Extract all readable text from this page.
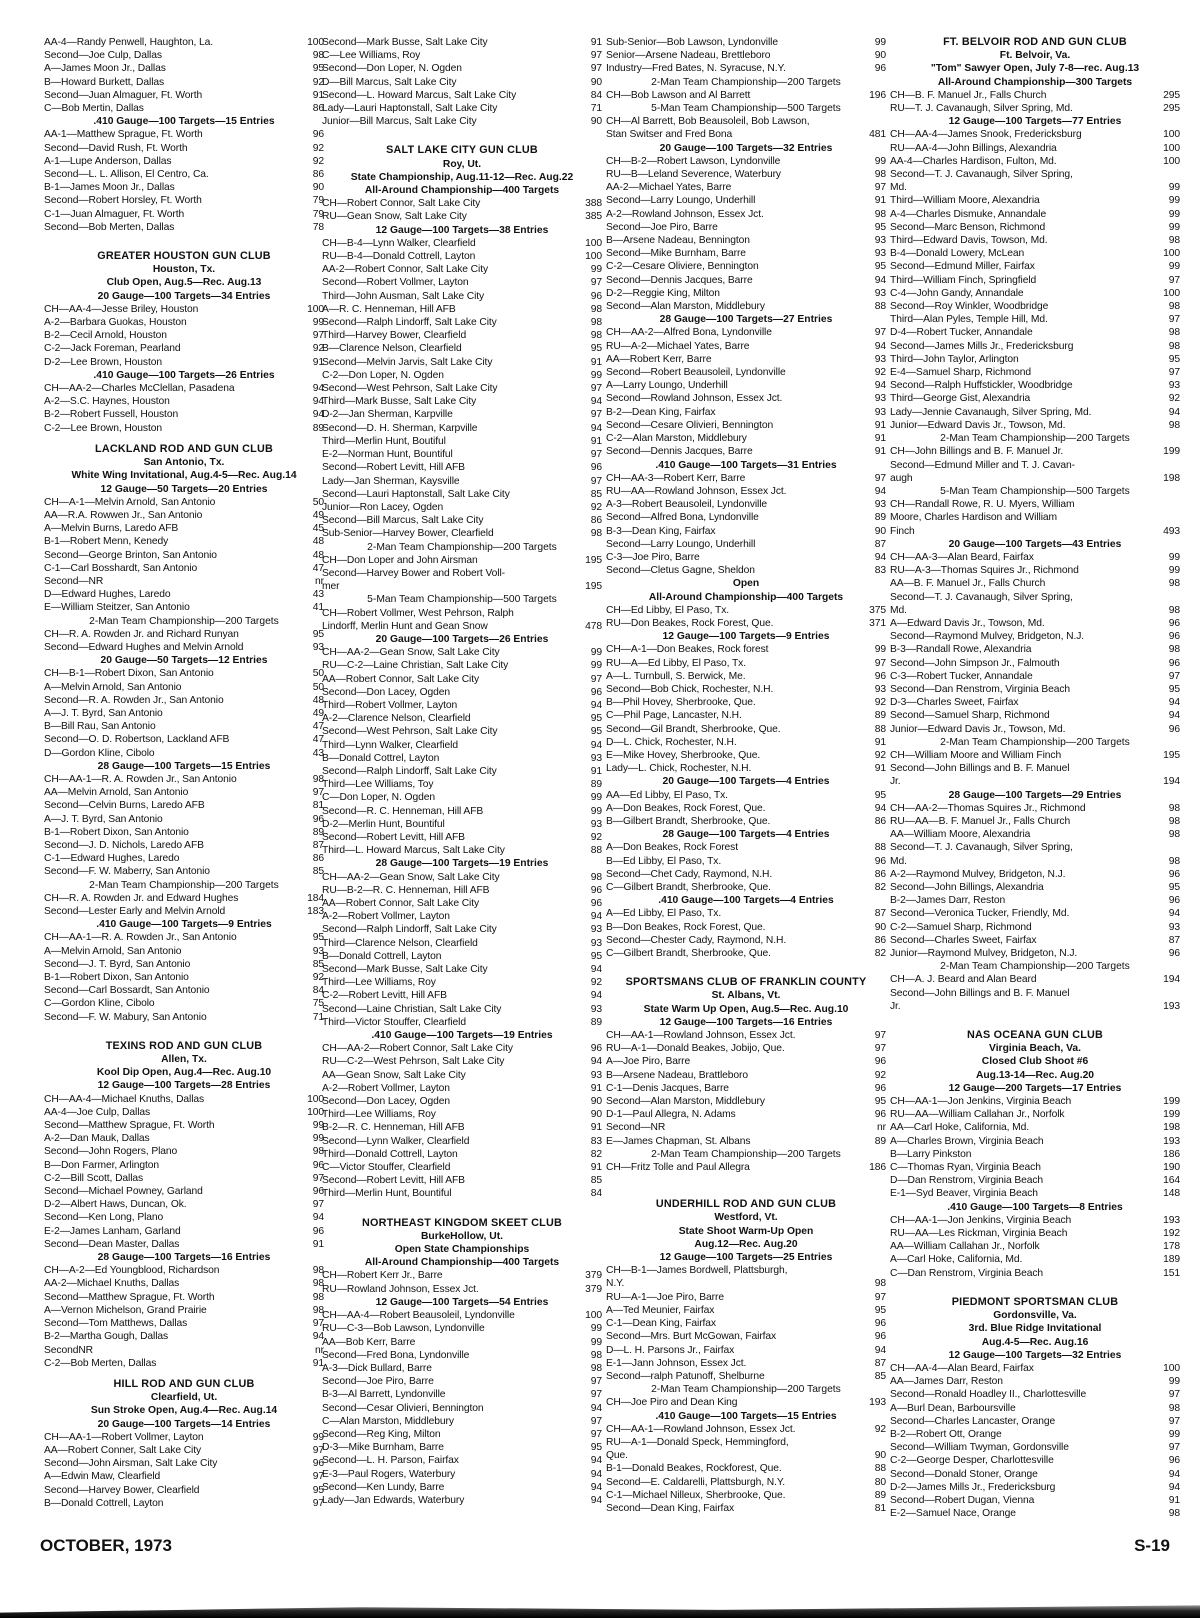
AA-4—Randy Penwell, Haughton, La.	100
Second—Joe Culp, Dallas	98
A—James Moon Jr., Dallas	95
B—Howard Burkett, Dallas	92
Second—Juan Almaguer, Ft. Worth	91
C—Bob Mertin, Dallas	86
.410 Gauge—100 Targets—15 Entries
AA-1—Matthew Sprague, Ft. Worth	96
Second—David Rush, Ft. Worth	92
A-1—Lupe Anderson, Dallas	92
Second—L. L. Allison, El Centro, Ca.	86
B-1—James Moon Jr., Dallas	90
Second—Robert Horsley, Ft. Worth	79
C-1—Juan Almaguer, Ft. Worth	79
Second—Bob Merten, Dallas	78
GREATER HOUSTON GUN CLUB
Houston, Tx.
Club Open, Aug.5—Rec. Aug.13
20 Gauge—100 Targets—34 Entries
CH—AA-4—Jesse Briley, Houston	100
A-2—Barbara Guokas, Houston	99
B-2—Cecil Arnold, Houston	97
C-2—Jack Foreman, Pearland	92
D-2—Lee Brown, Houston	91
.410 Gauge—100 Targets—26 Entries
CH—AA-2—Charles McClellan, Pasadena	94
A-2—S.C. Haynes, Houston	94
B-2—Robert Fussell, Houston	94
C-2—Lee Brown, Houston	89
LACKLAND ROD AND GUN CLUB
San Antonio, Tx.
White Wing Invitational, Aug.4-5—Rec. Aug.14
12 Gauge—50 Targets—20 Entries
CH—A-1—Melvin Arnold, San Antonio	50
AA—R.A. Rowwen Jr., San Antonio	49
A—Melvin Burns, Laredo AFB	45
B-1—Robert Menn, Kenedy	48
Second—George Brinton, San Antonio	48
C-1—Carl Bosshardt, San Antonio	47
Second—NR	nr
D—Edward Hughes, Laredo	43
E—William Steitzer, San Antonio	41
2-Man Team Championship—200 Targets
CH—R. A. Rowden Jr. and Richard Runyan	95
Second—Edward Hughes and Melvin Arnold	93
20 Gauge—50 Targets—12 Entries
CH—B-1—Robert Dixon, San Antonio	50
A—Melvin Arnold, San Antonio	50
Second—R. A. Rowden Jr., San Antonio	48
A—J. T. Byrd, San Antonio	49
B—Bill Rau, San Antonio	47
Second—O. D. Robertson, Lackland AFB	47
D—Gordon Kline, Cibolo	43
28 Gauge—100 Targets—15 Entries
CH—AA-1—R. A. Rowden Jr., San Antonio	98
AA—Melvin Arnold, San Antonio	97
Second—Celvin Burns, Laredo AFB	81
A—J. T. Byrd, San Antonio	96
B-1—Robert Dixon, San Antonio	89
Second—J. D. Nichols, Laredo AFB	87
C-1—Edward Hughes, Laredo	86
Second—F. W. Maberry, San Antonio	85
2-Man Team Championship—200 Targets
CH—R. A. Rowden Jr. and Edward Hughes	184
Second—Lester Early and Melvin Arnold	183
.410 Gauge—100 Targets—9 Entries
CH—AA-1—R. A. Rowden Jr., San Antonio	95
A—Melvin Arnold, San Antonio	93
Second—J. T. Byrd, San Antonio	85
B-1—Robert Dixon, San Antonio	92
Second—Carl Bossardt, San Antonio	84
C—Gordon Kline, Cibolo	75
Second—F. W. Mabury, San Antonio	71
TEXINS ROD AND GUN CLUB
Allen, Tx.
Kool Dip Open, Aug.4—Rec. Aug.10
12 Gauge—100 Targets—28 Entries
CH—AA-4—Michael Knuths, Dallas	100
AA-4—Joe Culp, Dallas	100
Second—Matthew Sprague, Ft. Worth	99
A-2—Dan Mauk, Dallas	99
Second—John Rogers, Plano	98
B—Don Farmer, Arlington	96
C-2—Bill Scott, Dallas	97
Second—Michael Powney, Garland	96
D-2—Albert Haws, Duncan, Ok.	97
Second—Ken Long, Plano	94
E-2—James Lanham, Garland	96
Second—Dean Master, Dallas	91
28 Gauge—100 Targets—16 Entries
CH—A-2—Ed Youngblood, Richardson	98
AA-2—Michael Knuths, Dallas	98
Second—Matthew Sprague, Ft. Worth	98
A—Vernon Michelson, Grand Prairie	98
Second—Tom Matthews, Dallas	97
B-2—Martha Gough, Dallas	94
SecondNR	nr
C-2—Bob Merten, Dallas	91
HILL ROD AND GUN CLUB
Clearfield, Ut.
Sun Stroke Open, Aug.4—Rec. Aug.14
20 Gauge—100 Targets—14 Entries
CH—AA-1—Robert Vollmer, Layton	99
AA—Robert Conner, Salt Lake City	97
Second—John Airsman, Salt Lake City	96
A—Edwin Maw, Clearfield	97
Second—Harvey Bower, Clearfield	95
B—Donald Cottrell, Layton	97
Second—Mark Busse, Salt Lake City	91
C—Lee Williams, Roy	97
Second—Don Loper, N. Ogden	97
D—Bill Marcus, Salt Lake City	90
Second—L. Howard Marcus, Salt Lake City	84
Lady—Lauri Haptonstall, Salt Lake City	71
Junior—Bill Marcus, Salt Lake City	90
SALT LAKE CITY GUN CLUB
Roy, Ut.
State Championship, Aug.11-12—Rec. Aug.22
All-Around Championship—400 Targets
CH—Robert Connor, Salt Lake City	388
RU—Gean Snow, Salt Lake City	385
12 Gauge—100 Targets—38 Entries
CH—B-4—Lynn Walker, Clearfield	100
RU—B-4—Donald Cottrell, Layton	100
AA-2—Robert Connor, Salt Lake City	99
Second—Robert Vollmer, Layton	97
Third—John Ausman, Salt Lake City	96
A—R. C. Henneman, Hill AFB	98
Second—Ralph Lindorff, Salt Lake City	98
Third—Harvey Bower, Clearfield	98
B—Clarence Nelson, Clearfield	95
Second—Melvin Jarvis, Salt Lake City	91
C-2—Don Loper, N. Ogden	99
Second—West Pehrson, Salt Lake City	97
Third—Mark Busse, Salt Lake City	94
D-2—Jan Sherman, Karpville	97
Second—D. H. Sherman, Karpville	94
Third—Merlin Hunt, Boutiful	91
E-2—Norman Hunt, Bountiful	97
Second—Robert Levitt, Hill AFB	96
Lady—Jan Sherman, Kaysville	97
Second—Lauri Haptonstall, Salt Lake City	85
Junior—Ron Lacey, Ogden	92
Second—Bill Marcus, Salt Lake City	86
Sub-Senior—Harvey Bower, Clearfield	98
2-Man Team Championship—200 Targets
CH—Don Loper and John Airsman	195
Second—Harvey Bower and Robert Voll-
mer	195
5-Man Team Championship—500 Targets
CH—Robert Vollmer, West Pehrson, Ralph
Lindorff, Merlin Hunt and Gean Snow	478
20 Gauge—100 Targets—26 Entries
CH—AA-2—Gean Snow, Salt Lake City	99
RU—C-2—Laine Christian, Salt Lake City	99
AA—Robert Connor, Salt Lake City	97
Second—Don Lacey, Ogden	96
Third—Robert Vollmer, Layton	94
A-2—Clarence Nelson, Clearfield	95
Second—West Pehrson, Salt Lake City	95
Third—Lynn Walker, Clearfield	94
B—Donald Cottrel, Layton	93
Second—Ralph Lindorff, Salt Lake City	91
Third—Lee Williams, Toy	89
C—Don Loper, N. Ogden	99
Second—R. C. Henneman, Hill AFB	99
D-2—Merlin Hunt, Bountiful	93
Second—Robert Levitt, Hill AFB	92
Third—L. Howard Marcus, Salt Lake City	88
28 Gauge—100 Targets—19 Entries
CH—AA-2—Gean Snow, Salt Lake City	98
RU—B-2—R. C. Henneman, Hill AFB	96
AA—Robert Connor, Salt Lake City	96
A-2—Robert Vollmer, Layton	94
Second—Ralph Lindorff, Salt Lake City	93
Third—Clarence Nelson, Clearfield	93
B—Donald Cottrell, Layton	95
Second—Mark Busse, Salt Lake City	94
Third—Lee Williams, Roy	92
C-2—Robert Levitt, Hill AFB	94
Second—Laine Christian, Salt Lake City	93
Third—Victor Stouffer, Clearfield	89
.410 Gauge—100 Targets—19 Entries
CH—AA-2—Robert Connor, Salt Lake City	96
RU—C-2—West Pehrson, Salt Lake City	94
AA—Gean Snow, Salt Lake City	93
A-2—Robert Vollmer, Layton	91
Second—Don Lacey, Ogden	90
Third—Lee Williams, Roy	90
B-2—R. C. Henneman, Hill AFB	91
Second—Lynn Walker, Clearfield	83
Third—Donald Cottrell, Layton	82
C—Victor Stouffer, Clearfield	91
Second—Robert Levitt, Hill AFB	85
Third—Merlin Hunt, Bountiful	84
NORTHEAST KINGDOM SKEET CLUB
BurkeHollow, Ut.
Open State Championships
All-Around Championship—400 Targets
CH—Robert Kerr Jr., Barre	379
RU—Rowland Johnson, Essex Jct.	379
12 Gauge—100 Targets—54 Entries
CH—AA-4—Robert Beausoleil, Lyndonville	100
RU—C-3—Bob Lawson, Lyndonville	99
AA—Bob Kerr, Barre	99
Second—Fred Bona, Lyndonville	98
A-3—Dick Bullard, Barre	98
Second—Joe Piro, Barre	97
B-3—Al Barrett, Lyndonville	97
Second—Cesar Olivieri, Bennington	94
C—Alan Marston, Middlebury	97
Second—Reg King, Milton	97
D-3—Mike Burnham, Barre	95
Second—L. H. Parson, Fairfax	94
E-3—Paul Rogers, Waterbury	94
Second—Ken Lundy, Barre	94
Lady—Jan Edwards, Waterbury	94
Sub-Senior—Bob Lawson, Lyndonville	99
Senior—Arsene Nadeau, Brettleboro	90
Industry—Fred Bates, N. Syracuse, N.Y.	96
2-Man Team Championship—200 Targets
CH—Bob Lawson and Al Barrett	196
5-Man Team Championship—500 Targets
CH—Al Barrett, Bob Beausoleil, Bob Lawson,
Stan Switser and Fred Bona	481
20 Gauge—100 Targets—32 Entries
CH—B-2—Robert Lawson, Lyndonville	99
RU—B—Leland Severence, Waterbury	98
AA-2—Michael Yates, Barre	97
Second—Larry Loungo, Underhill	91
A-2—Rowland Johnson, Essex Jct.	98
Second—Joe Piro, Barre	95
B—Arsene Nadeau, Bennington	93
Second—Mike Burnham, Barre	93
C-2—Cesare Oliviere, Bennington	95
Second—Dennis Jacques, Barre	94
D-2—Reggie King, Milton	93
Second—Alan Marston, Middlebury	88
28 Gauge—100 Targets—27 Entries
CH—AA-2—Alfred Bona, Lyndonville	97
RU—A-2—Michael Yates, Barre	94
AA—Robert Kerr, Barre	93
Second—Robert Beausoleil, Lyndonville	92
A—Larry Loungo, Underhill	94
Second—Rowland Johnson, Essex Jct.	93
B-2—Dean King, Fairfax	93
Second—Cesare Olivieri, Bennington	91
C-2—Alan Marston, Middlebury	91
Second—Dennis Jacques, Barre	91
.410 Gauge—100 Targets—31 Entries
CH—AA-3—Robert Kerr, Barre	97
RU—AA—Rowland Johnson, Essex Jct.	94
A-3—Robert Beausoleil, Lyndonville	93
Second—Alfred Bona, Lyndonville	89
B-3—Dean King, Fairfax	90
Second—Larry Loungo, Underhill	87
C-3—Joe Piro, Barre	94
Second—Cletus Gagne, Sheldon	83
Open
All-Around Championship—400 Targets
CH—Ed Libby, El Paso, Tx.	375
RU—Don Beakes, Rock Forest, Que.	371
12 Gauge—100 Targets—9 Entries
CH—A-1—Don Beakes, Rock forest	99
RU—A—Ed Libby, El Paso, Tx.	97
A—L. Turnbull, S. Berwick, Me.	96
Second—Bob Chick, Rochester, N.H.	93
B—Phil Hovey, Sherbrooke, Que.	92
C—Phil Page, Lancaster, N.H.	89
Second—Gil Brandt, Sherbrooke, Que.	88
D—L. Chick, Rochester, N.H.	91
E—Mike Hovey, Sherbrooke, Que.	92
Lady—L. Chick, Rochester, N.H.	91
20 Gauge—100 Targets—4 Entries
AA—Ed Libby, El Paso, Tx.	95
A—Don Beakes, Rock Forest, Que.	94
B—Gilbert Brandt, Sherbrooke, Que.	86
28 Gauge—100 Targets—4 Entries
A—Don Beakes, Rock Forest	88
B—Ed Libby, El Paso, Tx.	96
Second—Chet Cady, Raymond, N.H.	86
C—Gilbert Brandt, Sherbrooke, Que.	82
.410 Gauge—100 Targets—4 Entries
A—Ed Libby, El Paso, Tx.	87
B—Don Beakes, Rock Forest, Que.	90
Second—Chester Cady, Raymond, N.H.	86
C—Gilbert Brandt, Sherbrooke, Que.	82
SPORTSMANS CLUB OF FRANKLIN COUNTY
St. Albans, Vt.
State Warm Up Open, Aug.5—Rec. Aug.10
12 Gauge—100 Targets—16 Entries
CH—AA-1—Rowland Johnson, Essex Jct.	97
RU—A-1—Donald Beakes, Jobijo, Que.	97
A—Joe Piro, Barre	96
B—Arsene Nadeau, Brattleboro	92
C-1—Denis Jacques, Barre	96
Second—Alan Marston, Middlebury	95
D-1—Paul Allegra, N. Adams	96
Second—NR	nr
E—James Chapman, St. Albans	89
2-Man Team Championship—200 Targets
CH—Fritz Tolle and Paul Allegra	186
UNDERHILL ROD AND GUN CLUB
Westford, Vt.
State Shoot Warm-Up Open
Aug.12—Rec. Aug.20
12 Gauge—100 Targets—25 Entries
CH—B-1—James Bordwell, Plattsburgh,
N.Y.	98
RU—A-1—Joe Piro, Barre	97
A—Ted Meunier, Fairfax	95
C-1—Dean King, Fairfax	96
Second—Mrs. Burt McGowan, Fairfax	96
D—L. H. Parsons Jr., Fairfax	94
E-1—Jann Johnson, Essex Jct.	87
Second—ralph Patunoff, Shelburne	85
2-Man Team Championship—200 Targets
CH—Joe Piro and Dean King	193
.410 Gauge—100 Targets—15 Entries
CH—AA-1—Rowland Johnson, Essex Jct.	92
RU—A-1—Donald Speck, Hemmingford,
Que.	90
B-1—Donald Beakes, Rockforest, Que.	88
Second—E. Caldarelli, Plattsburgh, N.Y.	80
C-1—Michael Nilleux, Sherbrooke, Que.	89
Second—Dean King, Fairfax	81
FT. BELVOIR ROD AND GUN CLUB
Ft. Belvoir, Va.
"Tom" Sawyer Open, July 7-8—rec. Aug.13
All-Around Championship—300 Targets
CH—B. F. Manuel Jr., Falls Church	295
RU—T. J. Cavanaugh, Silver Spring, Md.	295
12 Gauge—100 Targets—77 Entries
CH—AA-4—James Snook, Fredericksburg	100
RU—AA-4—John Billings, Alexandria	100
AA-4—Charles Hardison, Fulton, Md.	100
Second—T. J. Cavanaugh, Silver Spring,
Md.	99
Third—William Moore, Alexandria	99
A-4—Charles Dismuke, Annandale	99
Second—Marc Benson, Richmond	99
Third—Edward Davis, Towson, Md.	98
B-4—Donald Lowery, McLean	100
Second—Edmund Miller, Fairfax	99
Third—William Finch, Springfield	97
C-4—John Gandy, Annandale	100
Second—Roy Winkler, Woodbridge	98
Third—Alan Pyles, Temple Hill, Md.	97
D-4—Robert Tucker, Annandale	98
Second—James Mills Jr., Fredericksburg	98
Third—John Taylor, Arlington	95
E-4—Samuel Sharp, Richmond	97
Second—Ralph Huffstickler, Woodbridge	93
Third—George Gist, Alexandria	92
Lady—Jennie Cavanaugh, Silver Spring, Md.	94
Junior—Edward Davis Jr., Towson, Md.	98
2-Man Team Championship—200 Targets
CH—John Billings and B. F. Manuel Jr.	199
Second—Edmund Miller and T. J. Cavan-
augh	198
5-Man Team Championship—500 Targets
CH—Randall Rowe, R. U. Myers, William
Moore, Charles Hardison and William
Finch	493
20 Gauge—100 Targets—43 Entries
CH—AA-3—Alan Beard, Fairfax	99
RU—A-3—Thomas Squires Jr., Richmond	99
AA—B. F. Manuel Jr., Falls Church	98
Second—T. J. Cavanaugh, Silver Spring,
Md.	98
A—Edward Davis Jr., Towson, Md.	96
Second—Raymond Mulvey, Bridgeton, N.J.	96
B-3—Randall Rowe, Alexandria	98
Second—John Simpson Jr., Falmouth	96
C-3—Robert Tucker, Annandale	97
Second—Dan Renstrom, Virginia Beach	95
D-3—Charles Sweet, Fairfax	94
Second—Samuel Sharp, Richmond	94
Junior—Edward Davis Jr., Towson, Md.	96
2-Man Team Championship—200 Targets
CH—William Moore and William Finch	195
Second—John Billings and B. F. Manuel
Jr.	194
28 Gauge—100 Targets—29 Entries
CH—AA-2—Thomas Squires Jr., Richmond	98
RU—AA—B. F. Manuel Jr., Falls Church	98
AA—William Moore, Alexandria	98
Second—T. J. Cavanaugh, Silver Spring,
Md.	98
A-2—Raymond Mulvey, Bridgeton, N.J.	96
Second—John Billings, Alexandria	95
B-2—James Darr, Reston	96
Second—Veronica Tucker, Friendly, Md.	94
C-2—Samuel Sharp, Richmond	93
Second—Charles Sweet, Fairfax	87
Junior—Raymond Mulvey, Bridgeton, N.J.	96
2-Man Team Championship—200 Targets
CH—A. J. Beard and Alan Beard	194
Second—John Billings and B. F. Manuel
Jr.	193
NAS OCEANA GUN CLUB
Virginia Beach, Va.
Closed Club Shoot #6
Aug.13-14—Rec. Aug.20
12 Gauge—200 Targets—17 Entries
CH—AA-1—Jon Jenkins, Virginia Beach	199
RU—AA—William Callahan Jr., Norfolk	199
AA—Carl Hoke, California, Md.	198
A—Charles Brown, Virginia Beach	193
B—Larry Pinkston	186
C—Thomas Ryan, Virginia Beach	190
D—Dan Renstrom, Virginia Beach	164
E-1—Syd Beaver, Virginia Beach	148
.410 Gauge—100 Targets—8 Entries
CH—AA-1—Jon Jenkins, Virginia Beach	193
RU—AA—Les Rickman, Virginia Beach	192
AA—William Callahan Jr., Norfolk	178
A—Carl Hoke, California, Md.	189
C—Dan Renstrom, Virginia Beach	151
PIEDMONT SPORTSMAN CLUB
Gordonsville, Va.
3rd. Blue Ridge Invitational
Aug.4-5—Rec. Aug.16
12 Gauge—100 Targets—32 Entries
CH—AA-4—Alan Beard, Fairfax	100
AA—James Darr, Reston	99
Second—Ronald Hoadley II., Charlottesville	97
A—Burl Dean, Barboursville	98
Second—Charles Lancaster, Orange	97
B-2—Robert Ott, Orange	99
Second—William Twyman, Gordonsville	97
C-2—George Desper, Charlottesville	96
Second—Donald Stoner, Orange	94
D-2—James Mills Jr., Fredericksburg	94
Second—Robert Dugan, Vienna	91
E-2—Samuel Nace, Orange	98
OCTOBER, 1973	S-19
